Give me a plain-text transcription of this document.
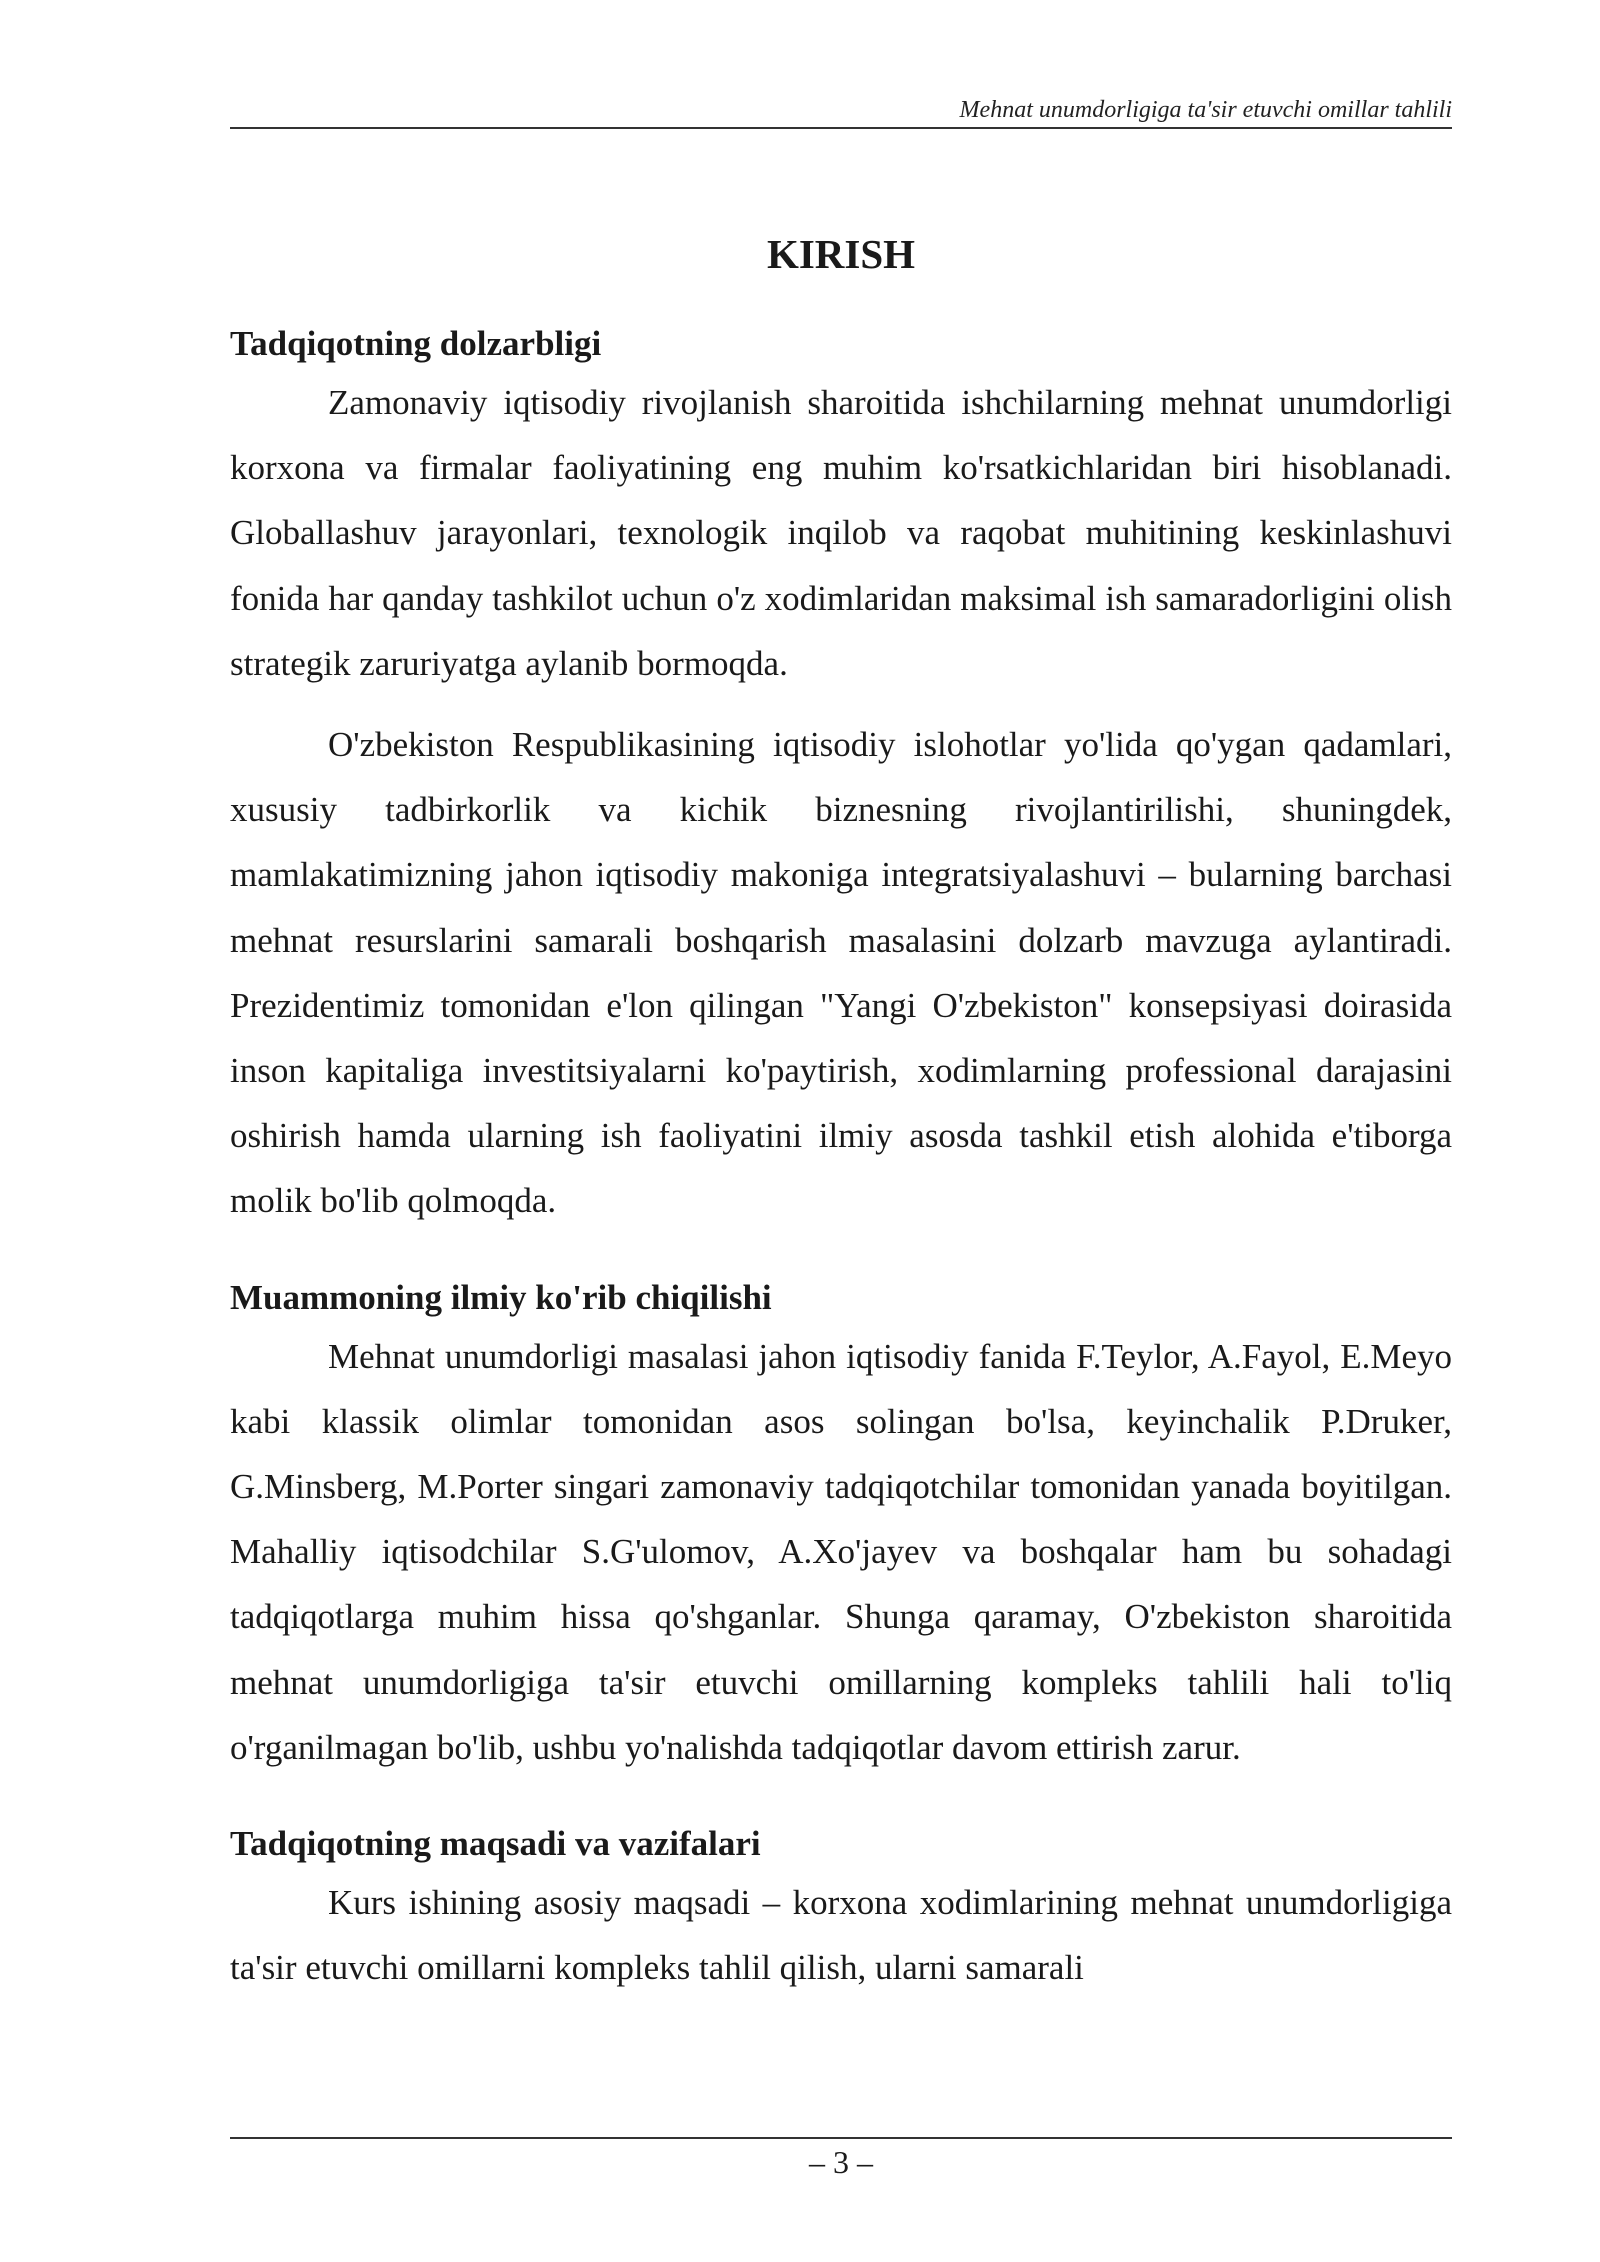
Mehnat unumdorligiga ta'sir etuvchi omillar tahlili
KIRISH
Tadqiqotning dolzarbligi

Zamonaviy iqtisodiy rivojlanish sharoitida ishchilarning mehnat unumdorligi korxona va firmalar faoliyatining eng muhim ko'rsatkichlaridan biri hisoblanadi. Globallashuv jarayonlari, texnologik inqilob va raqobat muhitining keskinlashuvi fonida har qanday tashkilot uchun o'z xodimlaridan maksimal ish samaradorligini olish strategik zaruriyatga aylanib bormoqda.

O'zbekiston Respublikasining iqtisodiy islohotlar yo'lida qo'ygan qadamlari, xususiy tadbirkorlik va kichik biznesning rivojlantirilishi, shuningdek, mamlakatimizning jahon iqtisodiy makoniga integratsiyalashuvi – bularning barchasi mehnat resurslarini samarali boshqarish masalasini dolzarb mavzuga aylantiradi. Prezidentimiz tomonidan e'lon qilingan "Yangi O'zbekiston" konsepsiyasi doirasida inson kapitaliga investitsiyalarni ko'paytirish, xodimlarning professional darajasini oshirish hamda ularning ish faoliyatini ilmiy asosda tashkil etish alohida e'tiborga molik bo'lib qolmoqda.

Muammoning ilmiy ko'rib chiqilishi

Mehnat unumdorligi masalasi jahon iqtisodiy fanida F.Teylor, A.Fayol, E.Meyo kabi klassik olimlar tomonidan asos solingan bo'lsa, keyinchalik P.Druker, G.Minsberg, M.Porter singari zamonaviy tadqiqotchilar tomonidan yanada boyitilgan. Mahalliy iqtisodchilar S.G'ulomov, A.Xo'jayev va boshqalar ham bu sohadagi tadqiqotlarga muhim hissa qo'shganlar. Shunga qaramay, O'zbekiston sharoitida mehnat unumdorligiga ta'sir etuvchi omillarning kompleks tahlili hali to'liq o'rganilmagan bo'lib, ushbu yo'nalishda tadqiqotlar davom ettirish zarur.

Tadqiqotning maqsadi va vazifalari

Kurs ishining asosiy maqsadi – korxona xodimlarining mehnat unumdorligiga ta'sir etuvchi omillarni kompleks tahlil qilish, ularni samarali

– 3 –
